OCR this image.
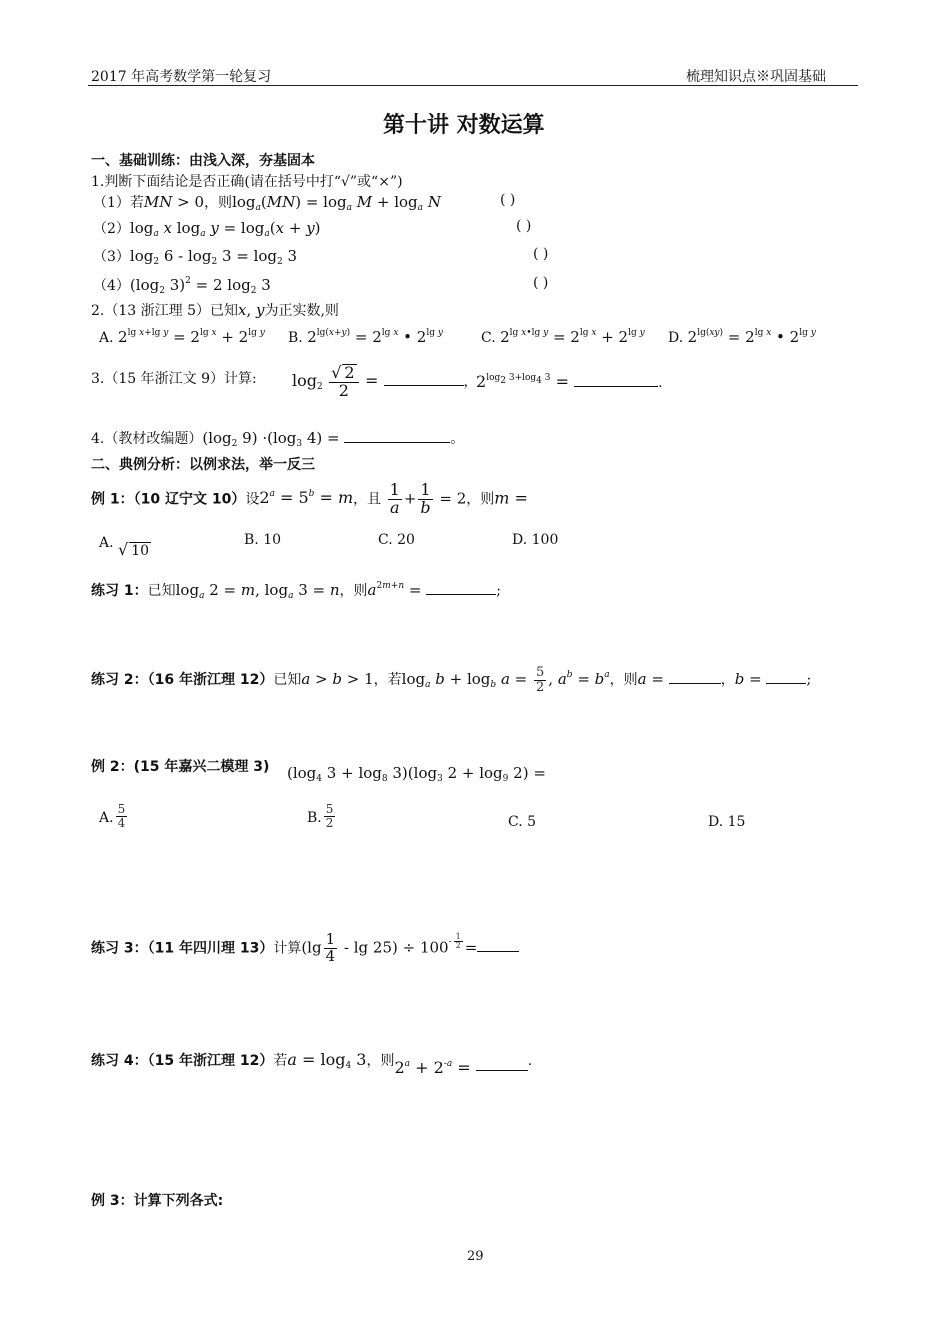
2017 年高考数学第一轮复习	梳理知识点※巩固基础
第十讲 对数运算
一、基础训练：由浅入深，夯基固本
1.判断下面结论是否正确(请在括号中打“√”或“×”)
（1）若MN > 0，则$\log_a(MN) = \log_a M + \log_a N$	( )
$(2)\log_a$ x $\log_a y = \log_a(x + y)$	( )
$(3)\log_2$ $6 - \log_2 3 = \log_2 3$	( )
$(4)(\log_2$ 3)$^2$ = 2 $\log_2 3$	( )
2.（13 浙江理 5）已知x, y为正实数,则
A. $2^{lg x+lg y} = 2^{lg x} + 2^{lg y}$ B. $2^{lg(x+y)} = 2^{lg x}$ • $2^{lg y}$	C. $2^{lg x•lg y} = 2^{lg x} + 2^{lg y}$ D. $2^{lg(xy)} = 2^{lg x}$ • $2^{lg y}$
3.（15 年浙江文 9）计算: $\log_2 \frac{√ 2}{2}$ =	，
$2^{log_2 3+log_4 3}$ =	.
4.（教材改编题）($\log_2$ $9) \cdot(\log_3$ 4) =	。
二、典例分析：以例求法，举一反三
例 1：（10 辽宁文 10）设$2^a = 5^b = m$，且 $\frac{1}{a} + \frac{1}{b} = 2$，则m =
A. √ 10
B. 10	C. 20	D. 100
练习 1：已知$\log_a 2 = m$, $\log_a 3 = n$，则$a^{2m+n}$ =	;
练习 2：（16 年浙江理 12）已知a > b > 1，若$\log_a b + \log_b a = \frac{5}{2}$ , $a^b = b^a$，则a =	，b =	;
例 2：(15 年嘉兴二模理 3) ($\log_4$ $3 + \log_8 3)(\log_3$ $2 + \log_9 2$) =
A. $\frac{5}{4}$	B. $\frac{5}{2}$	C. 5	D. 15
练习 3：（11 年四川理 13）计算$(\lg \frac{1}{4} - \lg 25) \div 100^{- \frac{1}{2}}$ =
练习 4：（15 年浙江理 12）若$a = \log_4 3$，则$2^a + 2^{-a}$ =	.
例 3：计算下列各式:
29
